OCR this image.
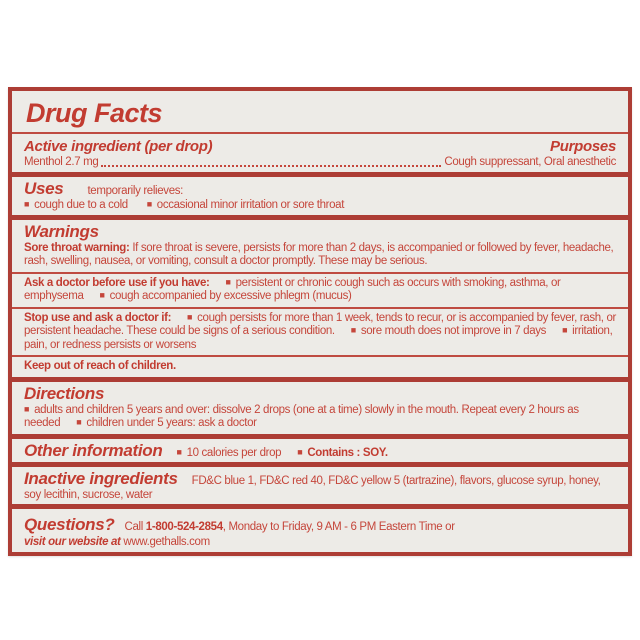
Drug Facts
Active ingredient (per drop)	Purposes
Menthol 2.7 mg	Cough suppressant, Oral anesthetic
Uses temporarily relieves:
■ cough due to a cold ■ occasional minor irritation or sore throat
Warnings

Sore throat warning: If sore throat is severe, persists for more than 2 days, is accompanied or followed by fever, headache, rash, swelling, nausea, or vomiting, consult a doctor promptly. These may be serious.

Ask a doctor before use if you have: ■ persistent or chronic cough such as occurs with smoking, asthma, or emphysema ■ cough accompanied by excessive phlegm (mucus)

Stop use and ask a doctor if: ■ cough persists for more than 1 week, tends to recur, or is accompanied by fever, rash, or persistent headache. These could be signs of a serious condition. ■ sore mouth does not improve in 7 days ■ irritation, pain, or redness persists or worsens

Keep out of reach of children.

Directions

■ adults and children 5 years and over: dissolve 2 drops (one at a time) slowly in the mouth. Repeat every 2 hours as needed ■ children under 5 years: ask a doctor

Other information ■ 10 calories per drop ■ Contains : SOY.
Inactive ingredients FD&C blue 1, FD&C red 40, FD&C yellow 5 (tartrazine), flavors, glucose syrup, honey, soy lecithin, sucrose, water

Questions? Call 1-800-524-2854, Monday to Friday, 9 AM - 6 PM Eastern Time or

visit our website at www.gethalls.com
